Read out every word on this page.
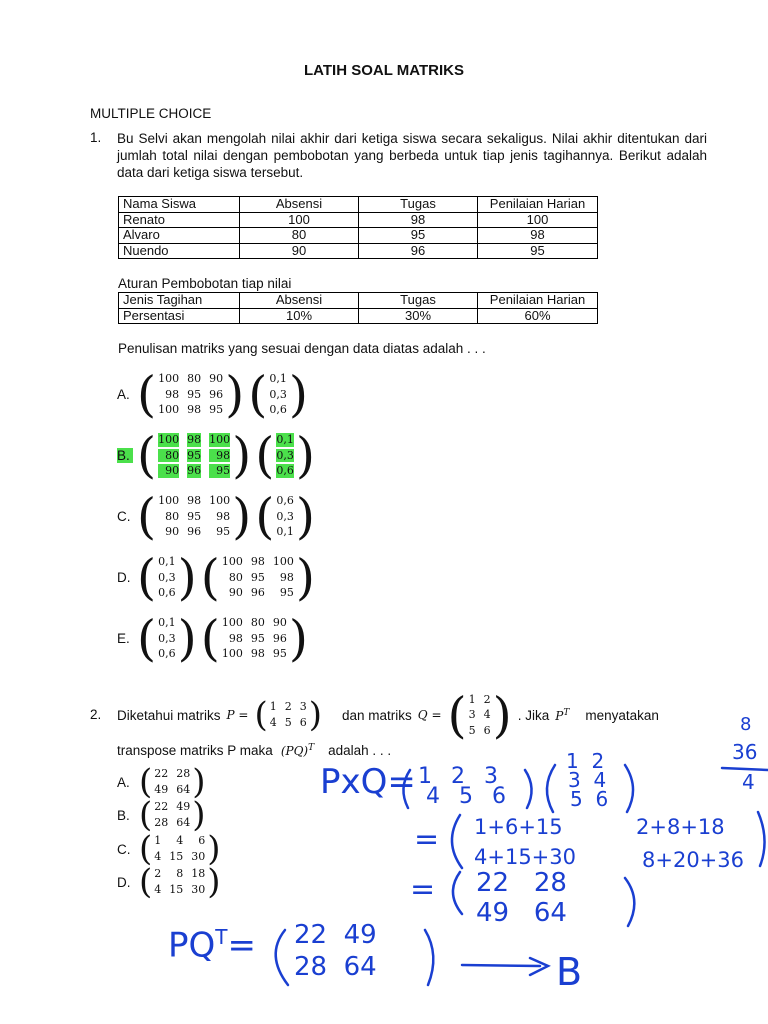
LATIH SOAL MATRIKS
MULTIPLE CHOICE
1. Bu Selvi akan mengolah nilai akhir dari ketiga siswa secara sekaligus. Nilai akhir ditentukan dari jumlah total nilai dengan pembobotan yang berbeda untuk tiap jenis tagihannya. Berikut adalah data dari ketiga siswa tersebut.
Nama Siswa	Absensi	Tugas	Penilaian Harian
Renato	100	98	100
Alvaro	80	95	98
Nuendo	90	96	95
Aturan Pembobotan tiap nilai
Jenis Tagihan	Absensi	Tugas	Penilaian Harian
Persentasi	10%	30%	60%
Penulisan matriks yang sesuai dengan data diatas adalah . . .
A. ( 100 80 90
98 95 96
100 98 95 ) ( 0,1
0,3
0,6 )
B. ( 100 98 100
80 95	98
90 96	95 ) ( 0,1
0,3
0,6 )
C. ( 100 98 100
80 95	98
90 96	95 ) ( 0,6
0,3
0,1 )
D. ( 0,1
0,3
0,6 ) ( 100 98 100
80 95	98
90 96	95 )
E. ( 0,1
0,3
0,6 ) ( 100 80 90
98 95 96
100 98 95 )
2. Diketahui matriks P = ( 1 2 3
4 5 6 ) dan matriks Q = ( 1 2
3 4
5 6 ) . Jika $P^T$ menyatakan
transpose matriks P maka (PQ)$^T$ adalah . . .
A. ( 22 28
49 64 )
B. ( 22 49
28 64 )
C. ( 1	4	6
4 15 30 )
D. ( 2	8 18
4 15 30 )
PxQ= 1 2 3
4 5 6
1  2
3  4
5  6
= 1+6+15	2+8+18
4+15+30	8+20+36
= 22   28
49   64
$PQ^T= 22$  49
28  64	B
8
36
4
